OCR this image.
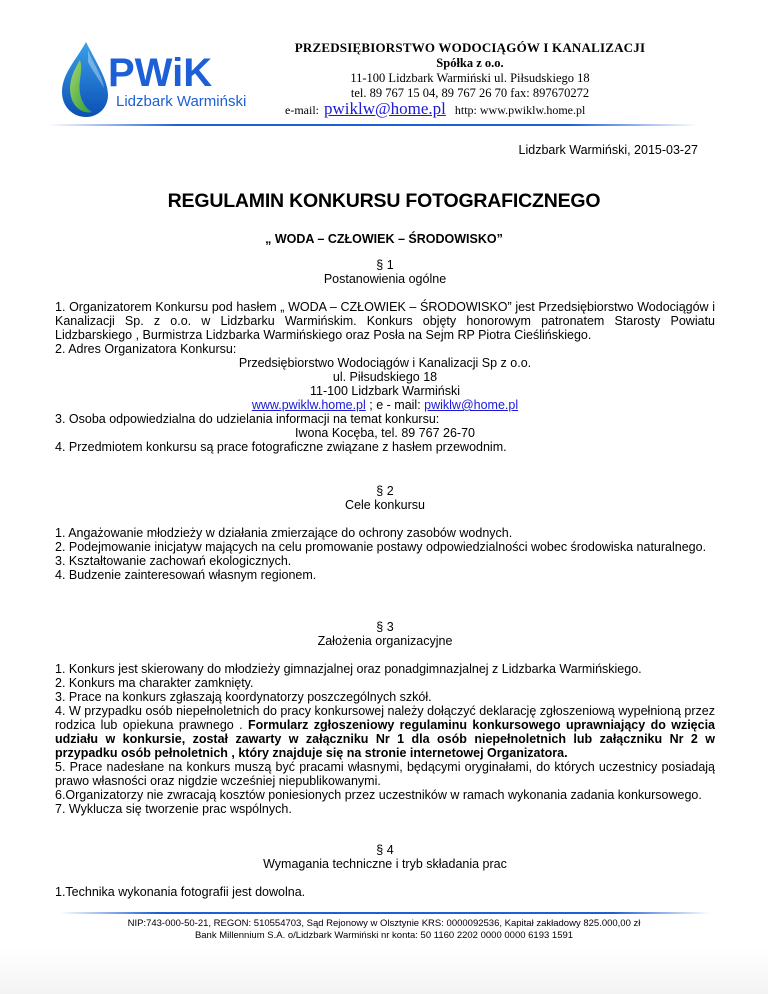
PWiK
Lidzbark Warmiński
PRZEDSIĘBIORSTWO WODOCIĄGÓW I KANALIZACJI
Spółka z o.o.
11-100 Lidzbark Warmiński ul. Piłsudskiego 18
tel. 89 767 15 04, 89 767 26 70 fax: 897670272
e-mail: pwiklw@home.pl http: www.pwiklw.home.pl
Lidzbark Warmiński, 2015-03-27
REGULAMIN KONKURSU FOTOGRAFICZNEGO
„ WODA – CZŁOWIEK – ŚRODOWISKO”
§ 1
Postanowienia ogólne

1. Organizatorem Konkursu pod hasłem „ WODA – CZŁOWIEK – ŚRODOWISKO” jest Przedsiębiorstwo Wodociągów i Kanalizacji Sp. z o.o. w Lidzbarku Warmińskim. Konkurs objęty honorowym patronatem Starosty Powiatu Lidzbarskiego , Burmistrza Lidzbarka Warmińskiego oraz Posła na Sejm RP Piotra Cieślińskiego.

2. Adres Organizatora Konkursu:

Przedsiębiorstwo Wodociągów i Kanalizacji Sp z o.o.
ul. Piłsudskiego 18
11-100 Lidzbark Warmiński
www.pwiklw.home.pl ; e - mail: pwiklw@home.pl

3. Osoba odpowiedzialna do udzielania informacji na temat konkursu:

Iwona Kocęba, tel. 89 767 26-70

4. Przedmiotem konkursu są prace fotograficzne związane z hasłem przewodnim.

§ 2
Cele konkursu

1. Angażowanie młodzieży w działania zmierzające do ochrony zasobów wodnych.

2. Podejmowanie inicjatyw mających na celu promowanie postawy odpowiedzialności wobec środowiska naturalnego.

3. Kształtowanie zachowań ekologicznych.

4. Budzenie zainteresowań własnym regionem.

§ 3
Założenia organizacyjne

1. Konkurs jest skierowany do młodzieży gimnazjalnej oraz ponadgimnazjalnej z Lidzbarka Warmińskiego.

2. Konkurs ma charakter zamknięty.

3. Prace na konkurs zgłaszają koordynatorzy poszczególnych szkół.

4. W przypadku osób niepełnoletnich do pracy konkursowej należy dołączyć deklarację zgłoszeniową wypełnioną przez rodzica lub opiekuna prawnego . Formularz zgłoszeniowy regulaminu konkursowego uprawniający do wzięcia udziału w konkursie, został zawarty w załączniku Nr 1 dla osób niepełnoletnich lub załączniku Nr 2 w przypadku osób pełnoletnich , który znajduje się na stronie internetowej Organizatora.

5. Prace nadesłane na konkurs muszą być pracami własnymi, będącymi oryginałami, do których uczestnicy posiadają prawo własności oraz nigdzie wcześniej niepublikowanymi.

6.Organizatorzy nie zwracają kosztów poniesionych przez uczestników w ramach wykonania zadania konkursowego.

7. Wyklucza się tworzenie prac wspólnych.

§ 4
Wymagania techniczne i tryb składania prac

1.Technika wykonania fotografii jest dowolna.

NIP:743-000-50-21, REGON: 510554703, Sąd Rejonowy w Olsztynie KRS: 0000092536, Kapitał zakładowy 825.000,00 zł
Bank Millennium S.A. o/Lidzbark Warmiński nr konta: 50 1160 2202 0000 0000 6193 1591
